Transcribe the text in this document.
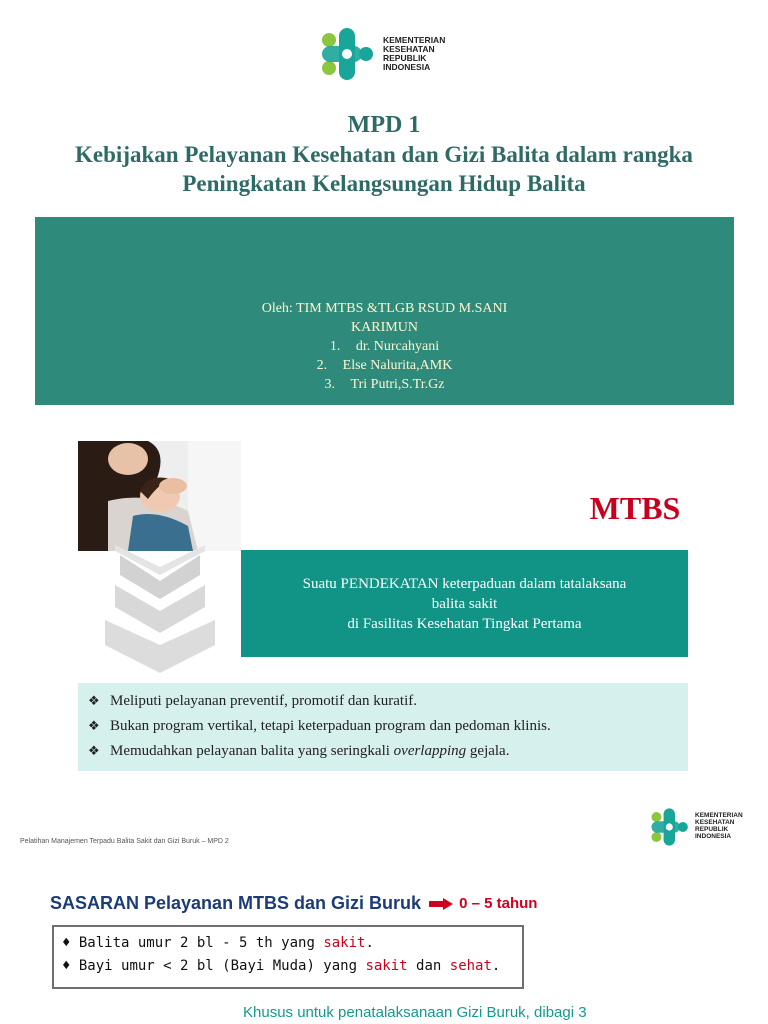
KEMENTERIAN
KESEHATAN
REPUBLIK
INDONESIA
MPD 1
Kebijakan Pelayanan Kesehatan dan Gizi Balita dalam rangka
Peningkatan Kelangsungan Hidup Balita
Oleh: TIM MTBS &TLGB RSUD M.SANI
KARIMUN
1. dr. Nurcahyani
2. Else Nalurita,AMK
3. Tri Putri,S.Tr.Gz
MTBS
Suatu PENDEKATAN keterpaduan dalam tatalaksana
balita sakit
di Fasilitas Kesehatan Tingkat Pertama
❖ Meliputi pelayanan preventif, promotif dan kuratif.
❖ Bukan program vertikal, tetapi keterpaduan program dan pedoman klinis.
❖ Memudahkan pelayanan balita yang seringkali overlapping gejala.
Pelatihan Manajemen Terpadu Balita Sakit dan Gizi Buruk – MPD 2
KEMENTERIAN
KESEHATAN
REPUBLIK
INDONESIA
SASARAN Pelayanan MTBS dan Gizi Buruk	0 – 5 tahun
♦ Balita umur 2 bl - 5 th yang sakit.
♦ Bayi umur < 2 bl (Bayi Muda) yang sakit dan sehat.
Khusus untuk penatalaksanaan Gizi Buruk, dibagi 3
